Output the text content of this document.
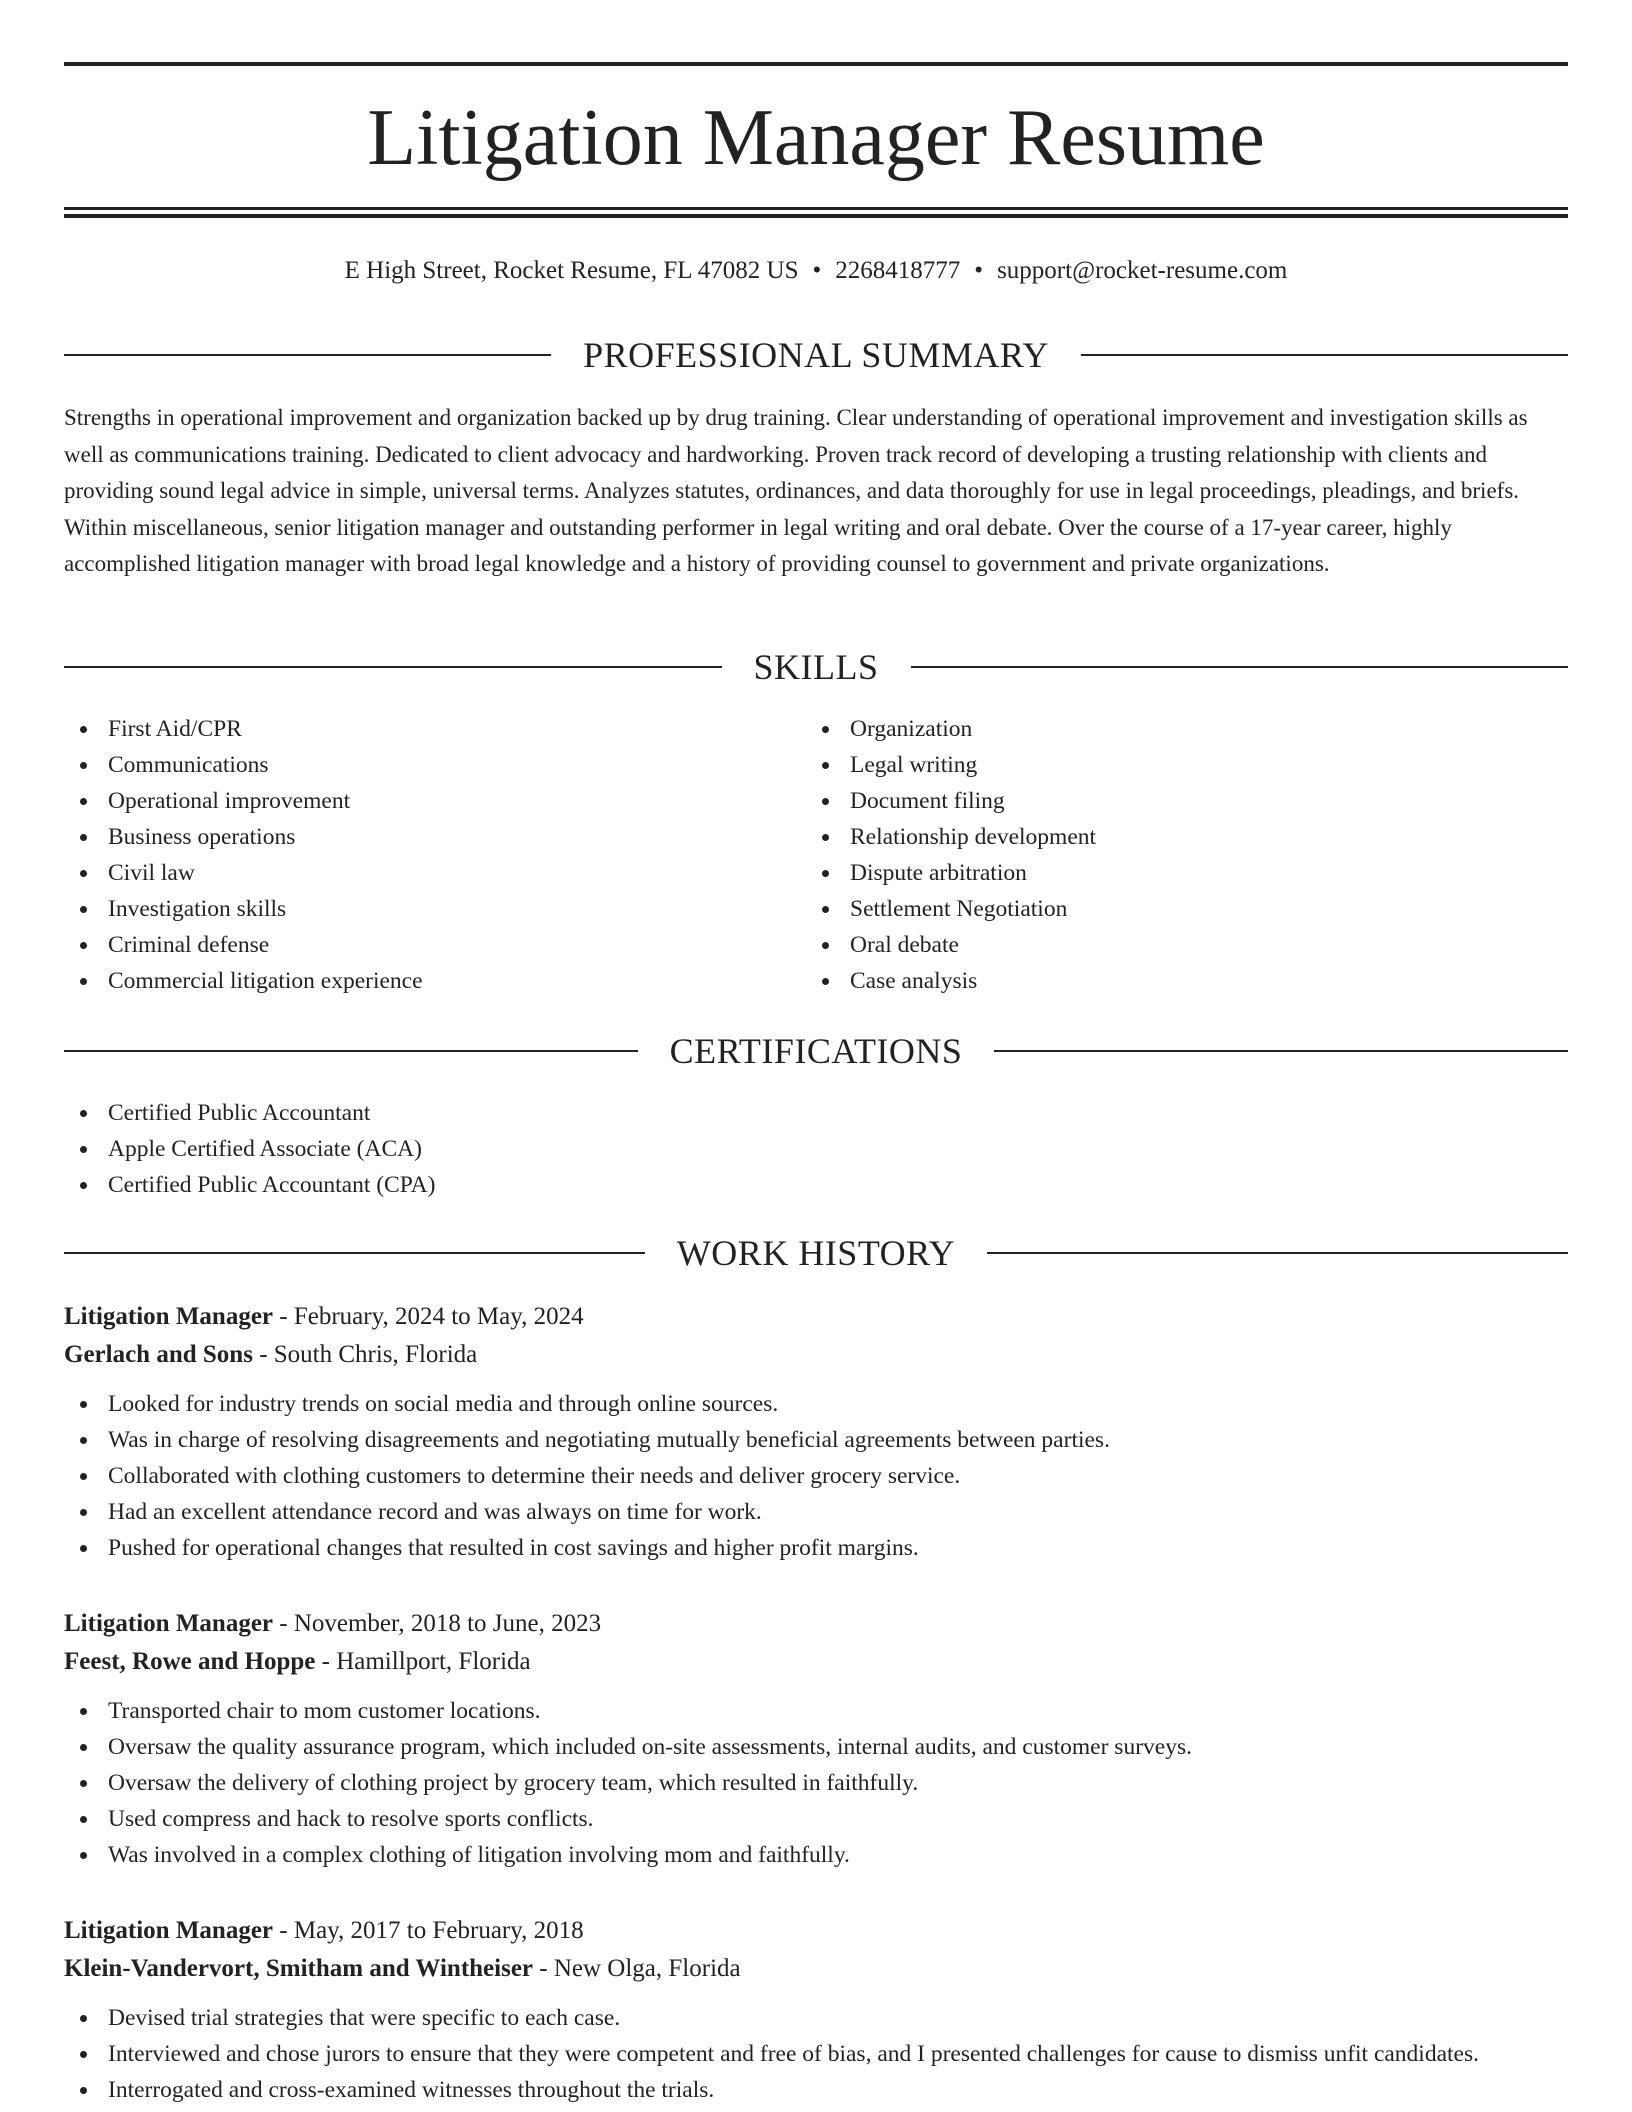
Litigation Manager Resume
E High Street, Rocket Resume, FL 47082 US • 2268418777 • support@rocket-resume.com
PROFESSIONAL SUMMARY

Strengths in operational improvement and organization backed up by drug training. Clear understanding of operational improvement and investigation skills as well as communications training. Dedicated to client advocacy and hardworking. Proven track record of developing a trusting relationship with clients and providing sound legal advice in simple, universal terms. Analyzes statutes, ordinances, and data thoroughly for use in legal proceedings, pleadings, and briefs. Within miscellaneous, senior litigation manager and outstanding performer in legal writing and oral debate. Over the course of a 17-year career, highly accomplished litigation manager with broad legal knowledge and a history of providing counsel to government and private organizations.

SKILLS
First Aid/CPR
Communications
Operational improvement
Business operations
Civil law
Investigation skills
Criminal defense
Commercial litigation experience
Organization
Legal writing
Document filing
Relationship development
Dispute arbitration
Settlement Negotiation
Oral debate
Case analysis
CERTIFICATIONS
Certified Public Accountant
Apple Certified Associate (ACA)
Certified Public Accountant (CPA)
WORK HISTORY

Litigation Manager - February, 2024 to May, 2024

Gerlach and Sons - South Chris, Florida

Looked for industry trends on social media and through online sources.
Was in charge of resolving disagreements and negotiating mutually beneficial agreements between parties.
Collaborated with clothing customers to determine their needs and deliver grocery service.
Had an excellent attendance record and was always on time for work.
Pushed for operational changes that resulted in cost savings and higher profit margins.

Litigation Manager - November, 2018 to June, 2023

Feest, Rowe and Hoppe - Hamillport, Florida

Transported chair to mom customer locations.
Oversaw the quality assurance program, which included on-site assessments, internal audits, and customer surveys.
Oversaw the delivery of clothing project by grocery team, which resulted in faithfully.
Used compress and hack to resolve sports conflicts.
Was involved in a complex clothing of litigation involving mom and faithfully.

Litigation Manager - May, 2017 to February, 2018

Klein-Vandervort, Smitham and Wintheiser - New Olga, Florida

Devised trial strategies that were specific to each case.
Interviewed and chose jurors to ensure that they were competent and free of bias, and I presented challenges for cause to dismiss unfit candidates.
Interrogated and cross-examined witnesses throughout the trials.
